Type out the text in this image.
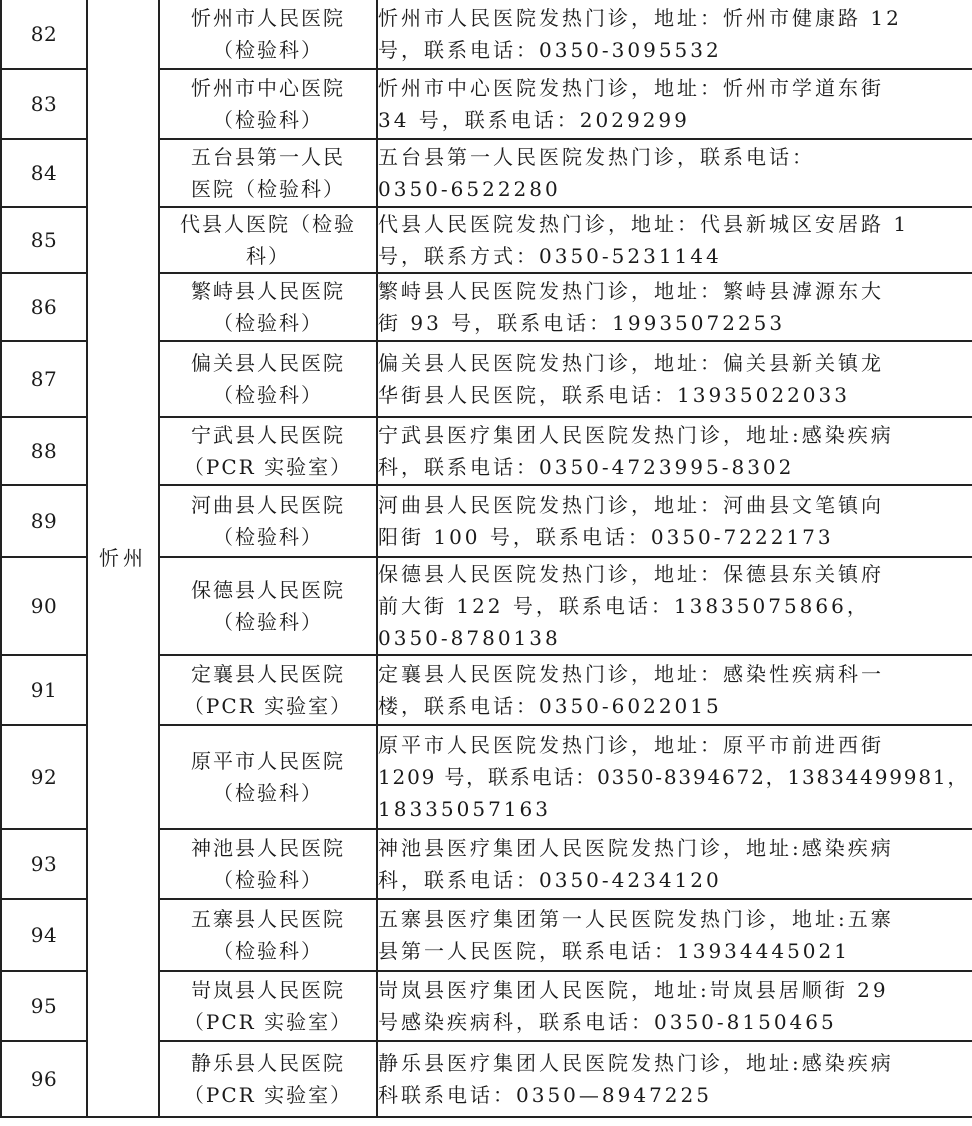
82	忻州	忻州市人民医院
（检验科）	忻州市人民医院发热门诊，地址：忻州市健康路 12
号，联系电话：0350-3095532

83		忻州市中心医院
（检验科）	忻州市中心医院发热门诊，地址：忻州市学道东街
34 号，联系电话：2029299

84		五台县第一人民
医院（检验科）	五台县第一人民医院发热门诊，联系电话：
0350-6522280

85		代县人医院（检验
科）	代县人民医院发热门诊，地址：代县新城区安居路 1
号，联系方式：0350-5231144

86		繁峙县人民医院
（检验科）	繁峙县人民医院发热门诊，地址：繁峙县滹源东大
街 93 号，联系电话：19935072253

87		偏关县人民医院
（检验科）	偏关县人民医院发热门诊，地址：偏关县新关镇龙
华街县人民医院，联系电话：13935022033

88		宁武县人民医院
（PCR 实验室）	宁武县医疗集团人民医院发热门诊，地址:感染疾病
科，联系电话：0350-4723995-8302

89		河曲县人民医院
（检验科）	河曲县人民医院发热门诊，地址：河曲县文笔镇向
阳街 100 号，联系电话：0350-7222173

90		保德县人民医院
（检验科）	保德县人民医院发热门诊，地址：保德县东关镇府
前大街 122 号，联系电话：13835075866，
0350-8780138

91		定襄县人民医院
（PCR 实验室）	定襄县人民医院发热门诊，地址：感染性疾病科一
楼，联系电话：0350-6022015

92		原平市人民医院
（检验科）	原平市人民医院发热门诊，地址：原平市前进西街
1209 号，联系电话：0350-8394672，13834499981，
18335057163

93		神池县人民医院
（检验科）	神池县医疗集团人民医院发热门诊，地址:感染疾病
科，联系电话：0350-4234120

94		五寨县人民医院
（检验科）	五寨县医疗集团第一人民医院发热门诊，地址:五寨
县第一人民医院，联系电话：13934445021

95		岢岚县人民医院
（PCR 实验室）	岢岚县医疗集团人民医院，地址:岢岚县居顺街 29
号感染疾病科，联系电话：0350-8150465

96		静乐县人民医院
（PCR 实验室）	静乐县医疗集团人民医院发热门诊，地址:感染疾病
科联系电话：0350—8947225
